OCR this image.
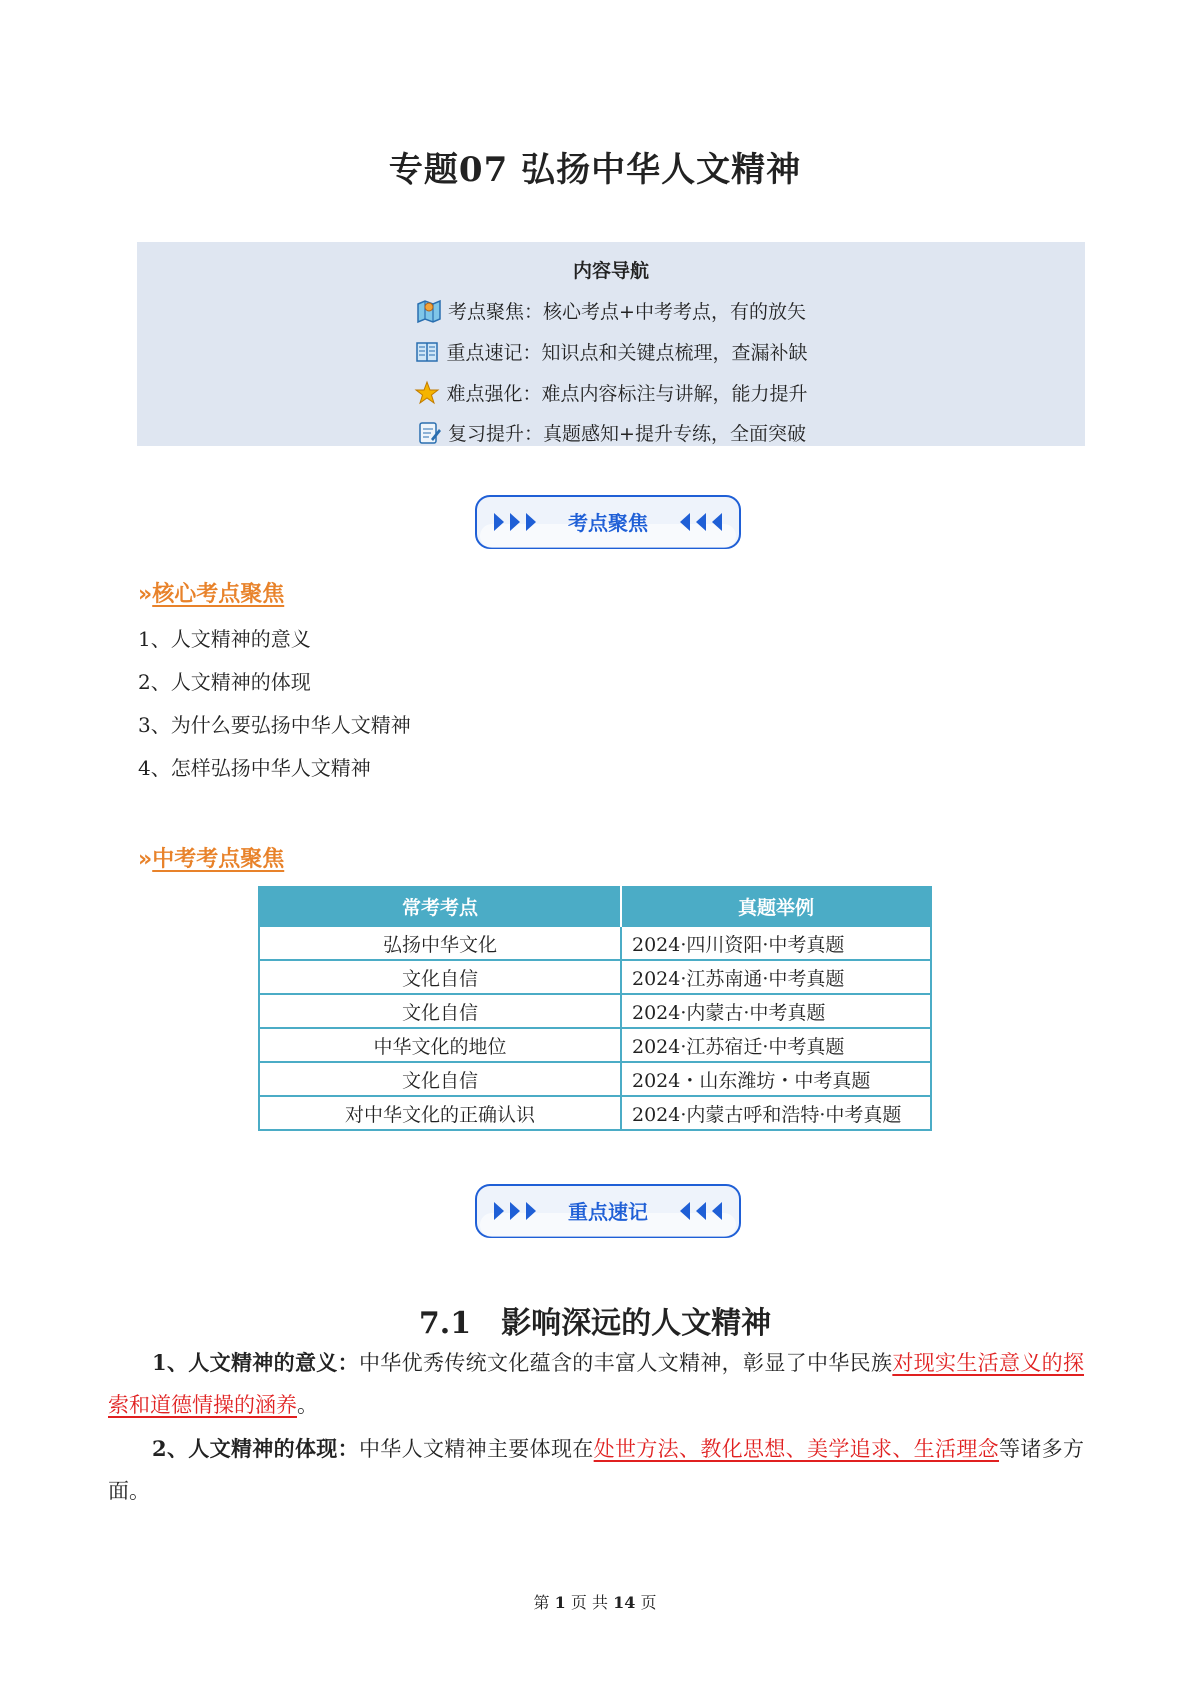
专题07 弘扬中华人文精神
内容导航
考点聚焦：核心考点+中考考点，有的放矢
重点速记：知识点和关键点梳理，查漏补缺
难点强化：难点内容标注与讲解，能力提升
复习提升：真题感知+提升专练，全面突破
考点聚焦
» 核心考点聚焦
1、人文精神的意义
2、人文精神的体现
3、为什么要弘扬中华人文精神
4、怎样弘扬中华人文精神
» 中考考点聚焦
常考考点	真题举例
弘扬中华文化	2024·四川资阳·中考真题
文化自信	2024·江苏南通·中考真题
文化自信	2024·内蒙古·中考真题
中华文化的地位	2024·江苏宿迁·中考真题
文化自信	2024・山东潍坊・中考真题
对中华文化的正确认识	2024·内蒙古呼和浩特·中考真题
重点速记
7.1　影响深远的人文精神
1、人文精神的意义：中华优秀传统文化蕴含的丰富人文精神，彰显了中华民族对现实生活意义的探索和道德情操的涵养。
2、人文精神的体现：中华人文精神主要体现在处世方法、教化思想、美学追求、生活理念等诸多方面。
第 1 页 共 14 页
